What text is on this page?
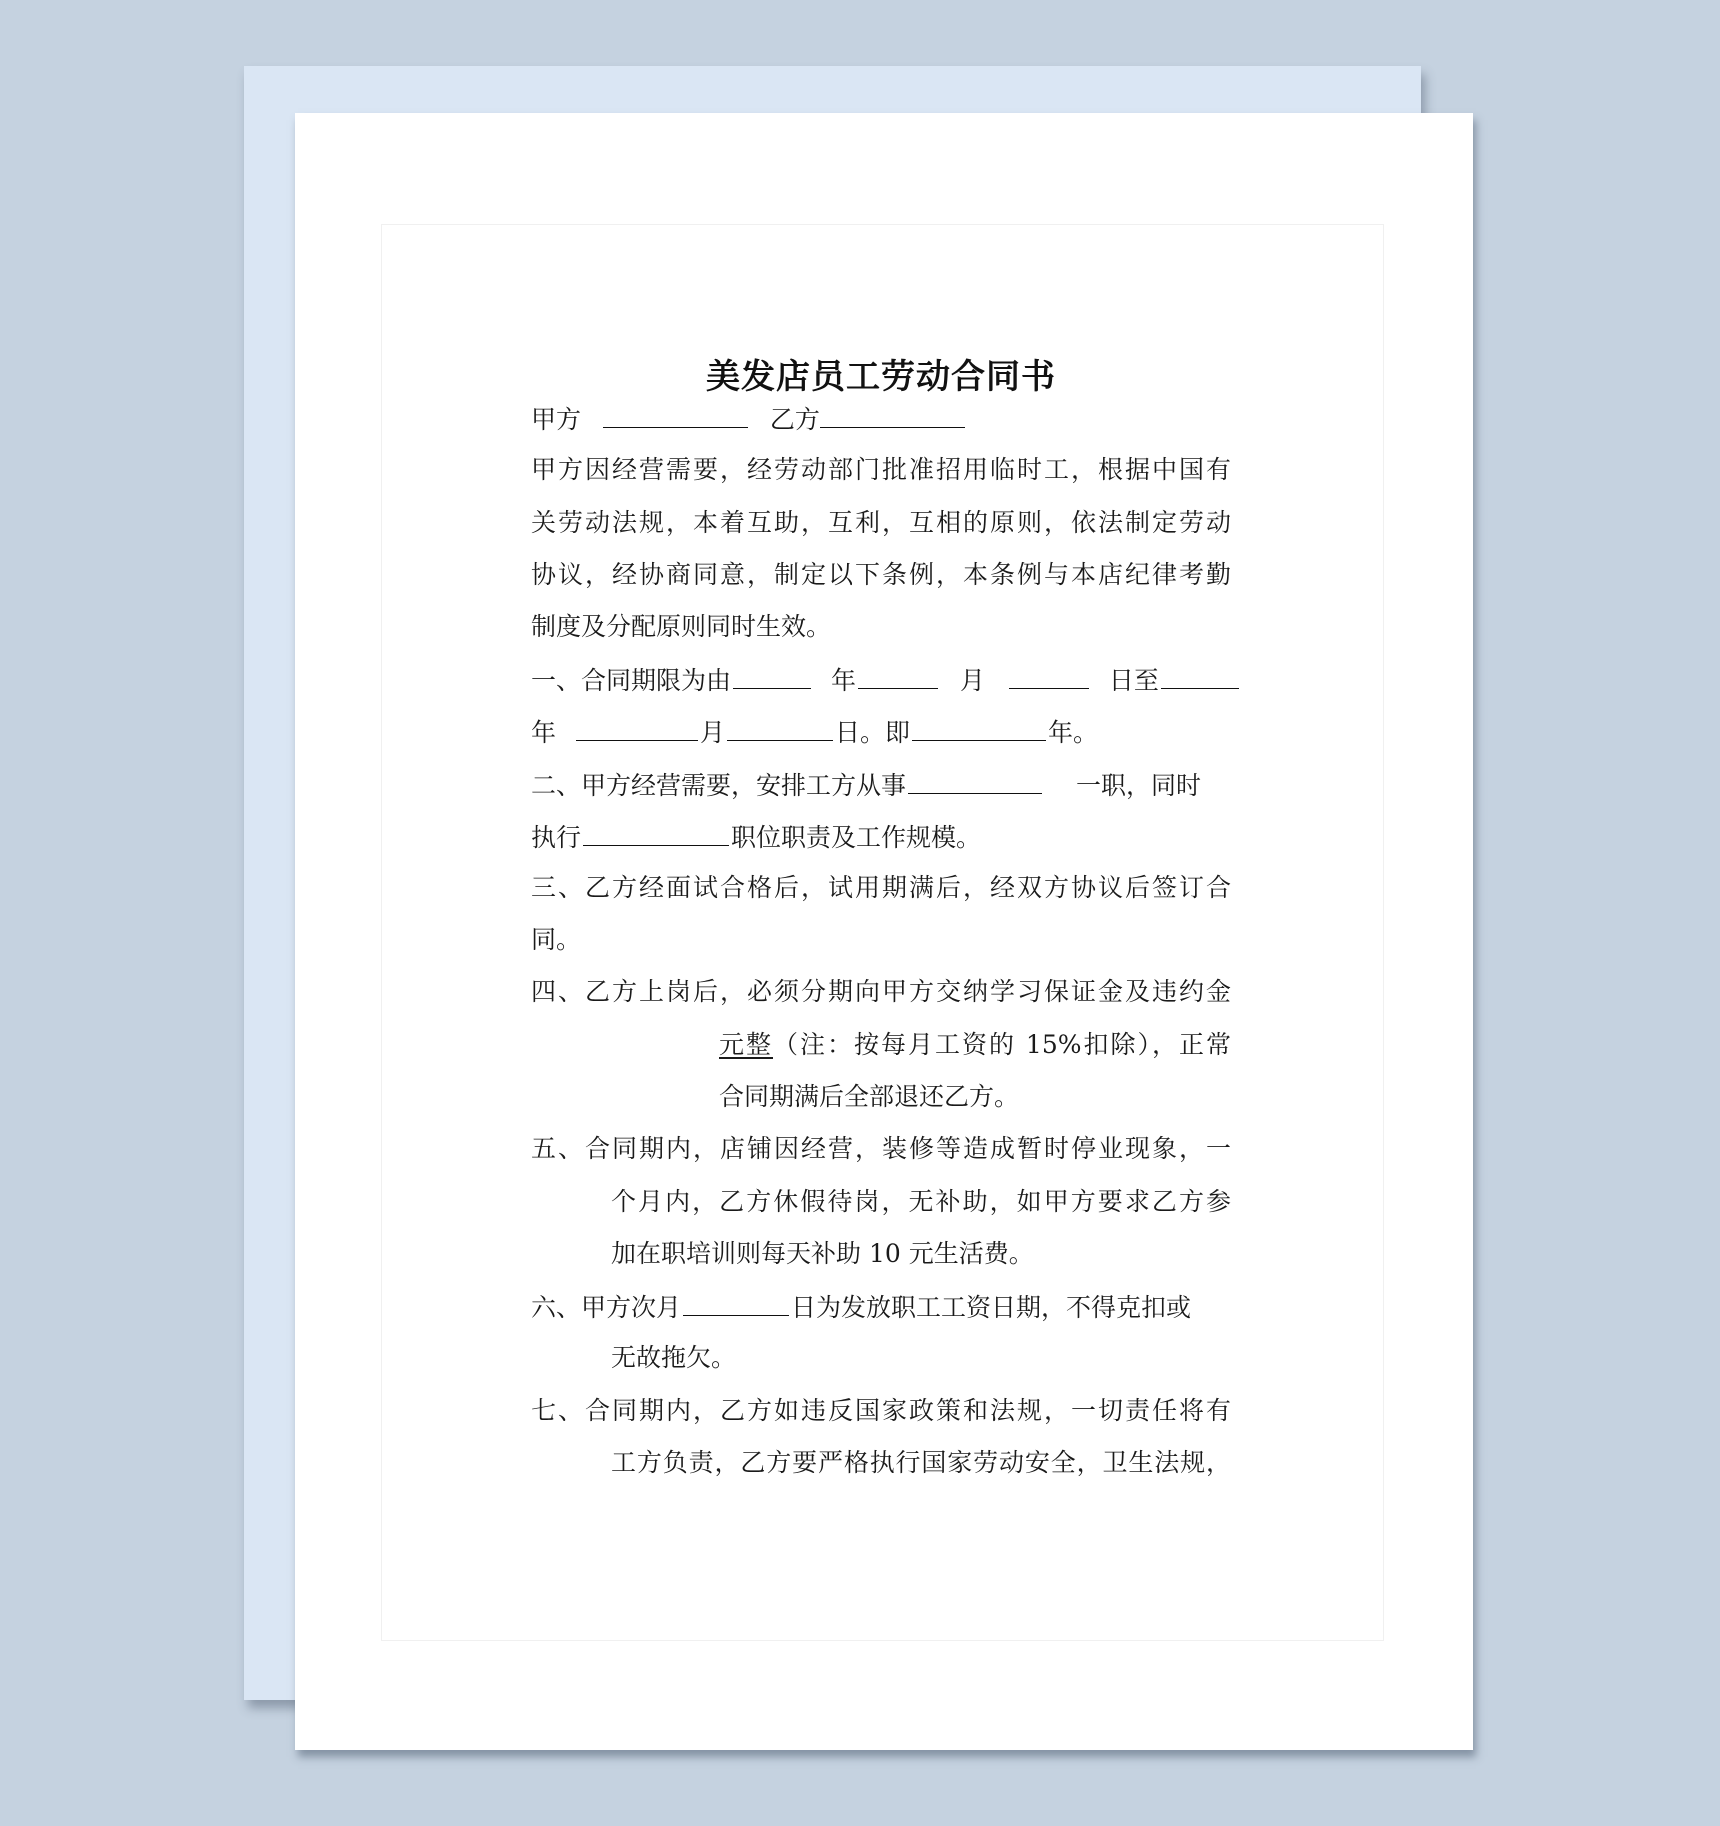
美发店员工劳动合同书
甲方	乙方
甲方因经营需要，经劳动部门批准招用临时工，根据中国有
关劳动法规，本着互助，互利，互相的原则，依法制定劳动
协议，经协商同意，制定以下条例，本条例与本店纪律考勤
制度及分配原则同时生效。
一、合同期限为由	年	月	日至
年	月	日。即	年。
二、甲方经营需要，安排工方从事	一职，同时
执行	职位职责及工作规模。
三、乙方经面试合格后，试用期满后，经双方协议后签订合
同。
四、乙方上岗后，必须分期向甲方交纳学习保证金及违约金
元整（注：按每月工资的 15%扣除），正常
合同期满后全部退还乙方。
五、合同期内，店铺因经营，装修等造成暂时停业现象，一
个月内，乙方休假待岗，无补助，如甲方要求乙方参
加在职培训则每天补助 10 元生活费。
六、甲方次月	日为发放职工工资日期，不得克扣或
无故拖欠。
七、合同期内，乙方如违反国家政策和法规，一切责任将有
工方负责，乙方要严格执行国家劳动安全，卫生法规，
